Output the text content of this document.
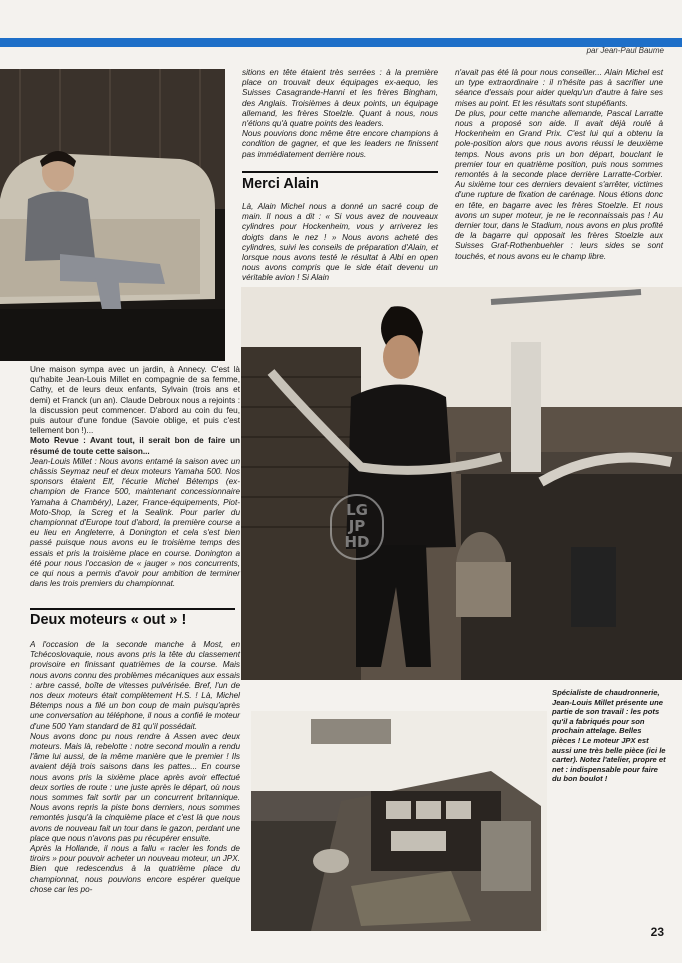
par Jean-Paul Baume
LG
JP
HD

Une maison sympa avec un jardin, à Annecy. C'est là qu'habite Jean-Louis Millet en compagnie de sa femme, Cathy, et de leurs deux enfants, Sylvain (trois ans et demi) et Franck (un an). Claude Debroux nous a rejoints : la discussion peut commencer. D'abord au coin du feu, puis autour d'une fondue (Savoie oblige, et puis c'est tellement bon !)...

Moto Revue : Avant tout, il serait bon de faire un résumé de toute cette saison...

Jean-Louis Millet : Nous avons entamé la saison avec un châssis Seymaz neuf et deux moteurs Yamaha 500. Nos sponsors étaient Elf, l'écurie Michel Bétemps (ex-champion de France 500, maintenant concessionnaire Yamaha à Chambéry), Lazer, France-équipements, Piot-Moto-Shop, la Screg et la Sealink. Pour parler du championnat d'Europe tout d'abord, la première course a eu lieu en Angleterre, à Donington et cela s'est bien passé puisque nous avons eu le troisième temps des essais et pris la troisième place en course. Donington a été pour nous l'occasion de « jauger » nos concurrents, ce qui nous a permis d'avoir pour ambition de terminer dans les trois premiers du championnat.

Deux moteurs « out » !

A l'occasion de la seconde manche à Most, en Tchécoslovaquie, nous avons pris la tête du classement provisoire en finissant quatrièmes de la course. Mais nous avons connu des problèmes mécaniques aux essais : arbre cassé, boîte de vitesses pulvérisée. Bref, l'un de nos deux moteurs était complètement H.S. ! Là, Michel Bétemps nous a filé un bon coup de main puisqu'après une conversation au téléphone, il nous a confié le moteur d'une 500 Yam standard de 81 qu'il possédait.

Nous avons donc pu nous rendre à Assen avec deux moteurs. Mais là, rebelotte : notre second moulin a rendu l'âme lui aussi, de la même manière que le premier ! Ils avaient déjà trois saisons dans les pattes... En course nous avons pris la sixième place après avoir effectué deux sorties de route : une juste après le départ, où nous nous sommes fait sortir par un concurrent britannique. Nous avons repris la piste bons derniers, nous sommes remontés jusqu'à la cinquième place et c'est là que nous avons de nouveau fait un tour dans le gazon, perdant une place que nous n'avons pas pu récupérer ensuite.

Après la Hollande, il nous a fallu « racler les fonds de tiroirs » pour pouvoir acheter un nouveau moteur, un JPX. Bien que redescendus à la quatrième place du championnat, nous pouvions encore espérer quelque chose car les po-

sitions en tête étaient très serrées : à la première place on trouvait deux équipages ex-aequo, les Suisses Casagrande-Hanni et les frères Bingham, des Anglais. Troisièmes à deux points, un équipage allemand, les frères Stoelzle. Quant à nous, nous n'étions qu'à quatre points des leaders.

Nous pouvions donc même être encore champions à condition de gagner, et que les leaders ne finissent pas immédiatement derrière nous.

Merci Alain

Là, Alain Michel nous a donné un sacré coup de main. Il nous a dit : « Si vous avez de nouveaux cylindres pour Hockenheim, vous y arriverez les doigts dans le nez ! » Nous avons acheté des cylindres, suivi les conseils de préparation d'Alain, et lorsque nous avons testé le résultat à Albi en open nous avons compris que le side était devenu un véritable avion ! Si Alain

n'avait pas été là pour nous conseiller... Alain Michel est un type extraordinaire : il n'hésite pas à sacrifier une séance d'essais pour aider quelqu'un d'autre à faire ses mises au point. Et les résultats sont stupéfiants.

De plus, pour cette manche allemande, Pascal Larratte nous a proposé son aide. Il avait déjà roulé à Hockenheim en Grand Prix. C'est lui qui a obtenu la pole-position alors que nous avons réussi le deuxième temps. Nous avons pris un bon départ, bouclant le premier tour en quatrième position, puis nous sommes remontés à la seconde place derrière Larratte-Corbier. Au sixième tour ces derniers devaient s'arrêter, victimes d'une rupture de fixation de carénage. Nous étions donc en tête, en bagarre avec les frères Stoelzle. Et nous avons un super moteur, je ne le reconnaissais pas ! Au dernier tour, dans le Stadium, nous avons en plus profité de la bagarre qui opposait les frères Stoelzle aux Suisses Graf-Rothenbuehler : leurs sides se sont touchés, et nous avons eu le champ libre.

Spécialiste de chaudronnerie, Jean-Louis Millet présente une partie de son travail : les pots qu'il a fabriqués pour son prochain attelage. Belles pièces ! Le moteur JPX est aussi une très belle pièce (ici le carter). Notez l'atelier, propre et net : indispensable pour faire du bon boulot !
23
